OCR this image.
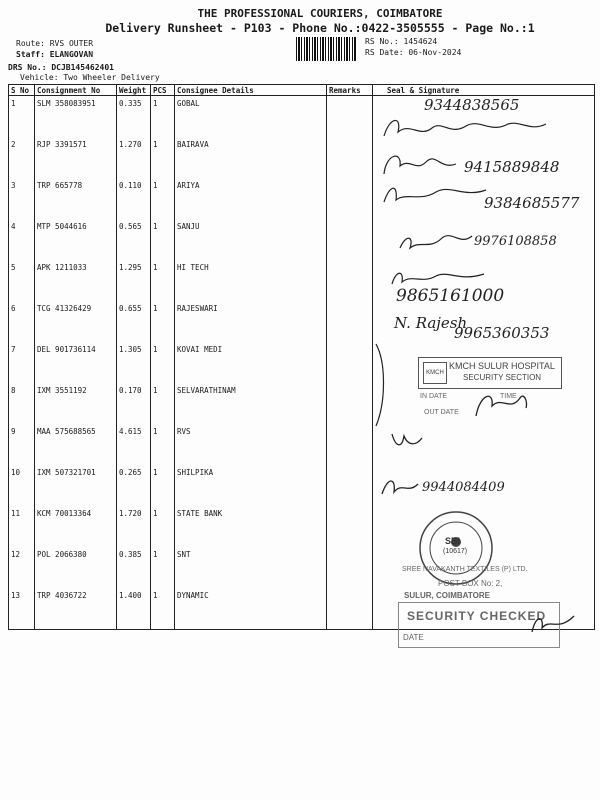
THE PROFESSIONAL COURIERS, COIMBATORE
Delivery Runsheet - P103 - Phone No.:0422-3505555 - Page No.:1
Route: RVS OUTER
Staff: ELANGOVAN
DRS No.: DCJB145462401
Vehicle: Two Wheeler Delivery
RS No.: 1454624
RS Date: 06-Nov-2024
S No	Consignment No	Weight	PCS	Consignee Details	Remarks	Seal & Signature
1	SLM 358083951	0.335	1	GOBAL		
2	RJP 3391571	1.270	1	BAIRAVA		
3	TRP 665778	0.110	1	ARIYA		
4	MTP 5044616	0.565	1	SANJU		
5	APK 1211033	1.295	1	HI TECH		
6	TCG 41326429	0.655	1	RAJESWARI		
7	DEL 901736114	1.305	1	KOVAI MEDI		
8	IXM 3551192	0.170	1	SELVARATHINAM		
9	MAA 575688565	4.615	1	RVS		
10	IXM 507321701	0.265	1	SHILPIKA		
11	KCM 70013364	1.720	1	STATE BANK		
12	POL 2066380	0.385	1	SNT		
13	TRP 4036722	1.400	1	DYNAMIC		
9344838565
9415889848
9384685577
9976108858
9865161000
N. Rajesh
9965360353
KMCH
KMCH SULUR HOSPITAL
SECURITY SECTION
IN DATE	TIME
OUT DATE
9944084409
SBI
(10617)
SREE NAVAKANTH TEXTILES (P) LTD.
POST BOX No: 2,
SULUR, COIMBATORE
SECURITY CHECKED
DATE
